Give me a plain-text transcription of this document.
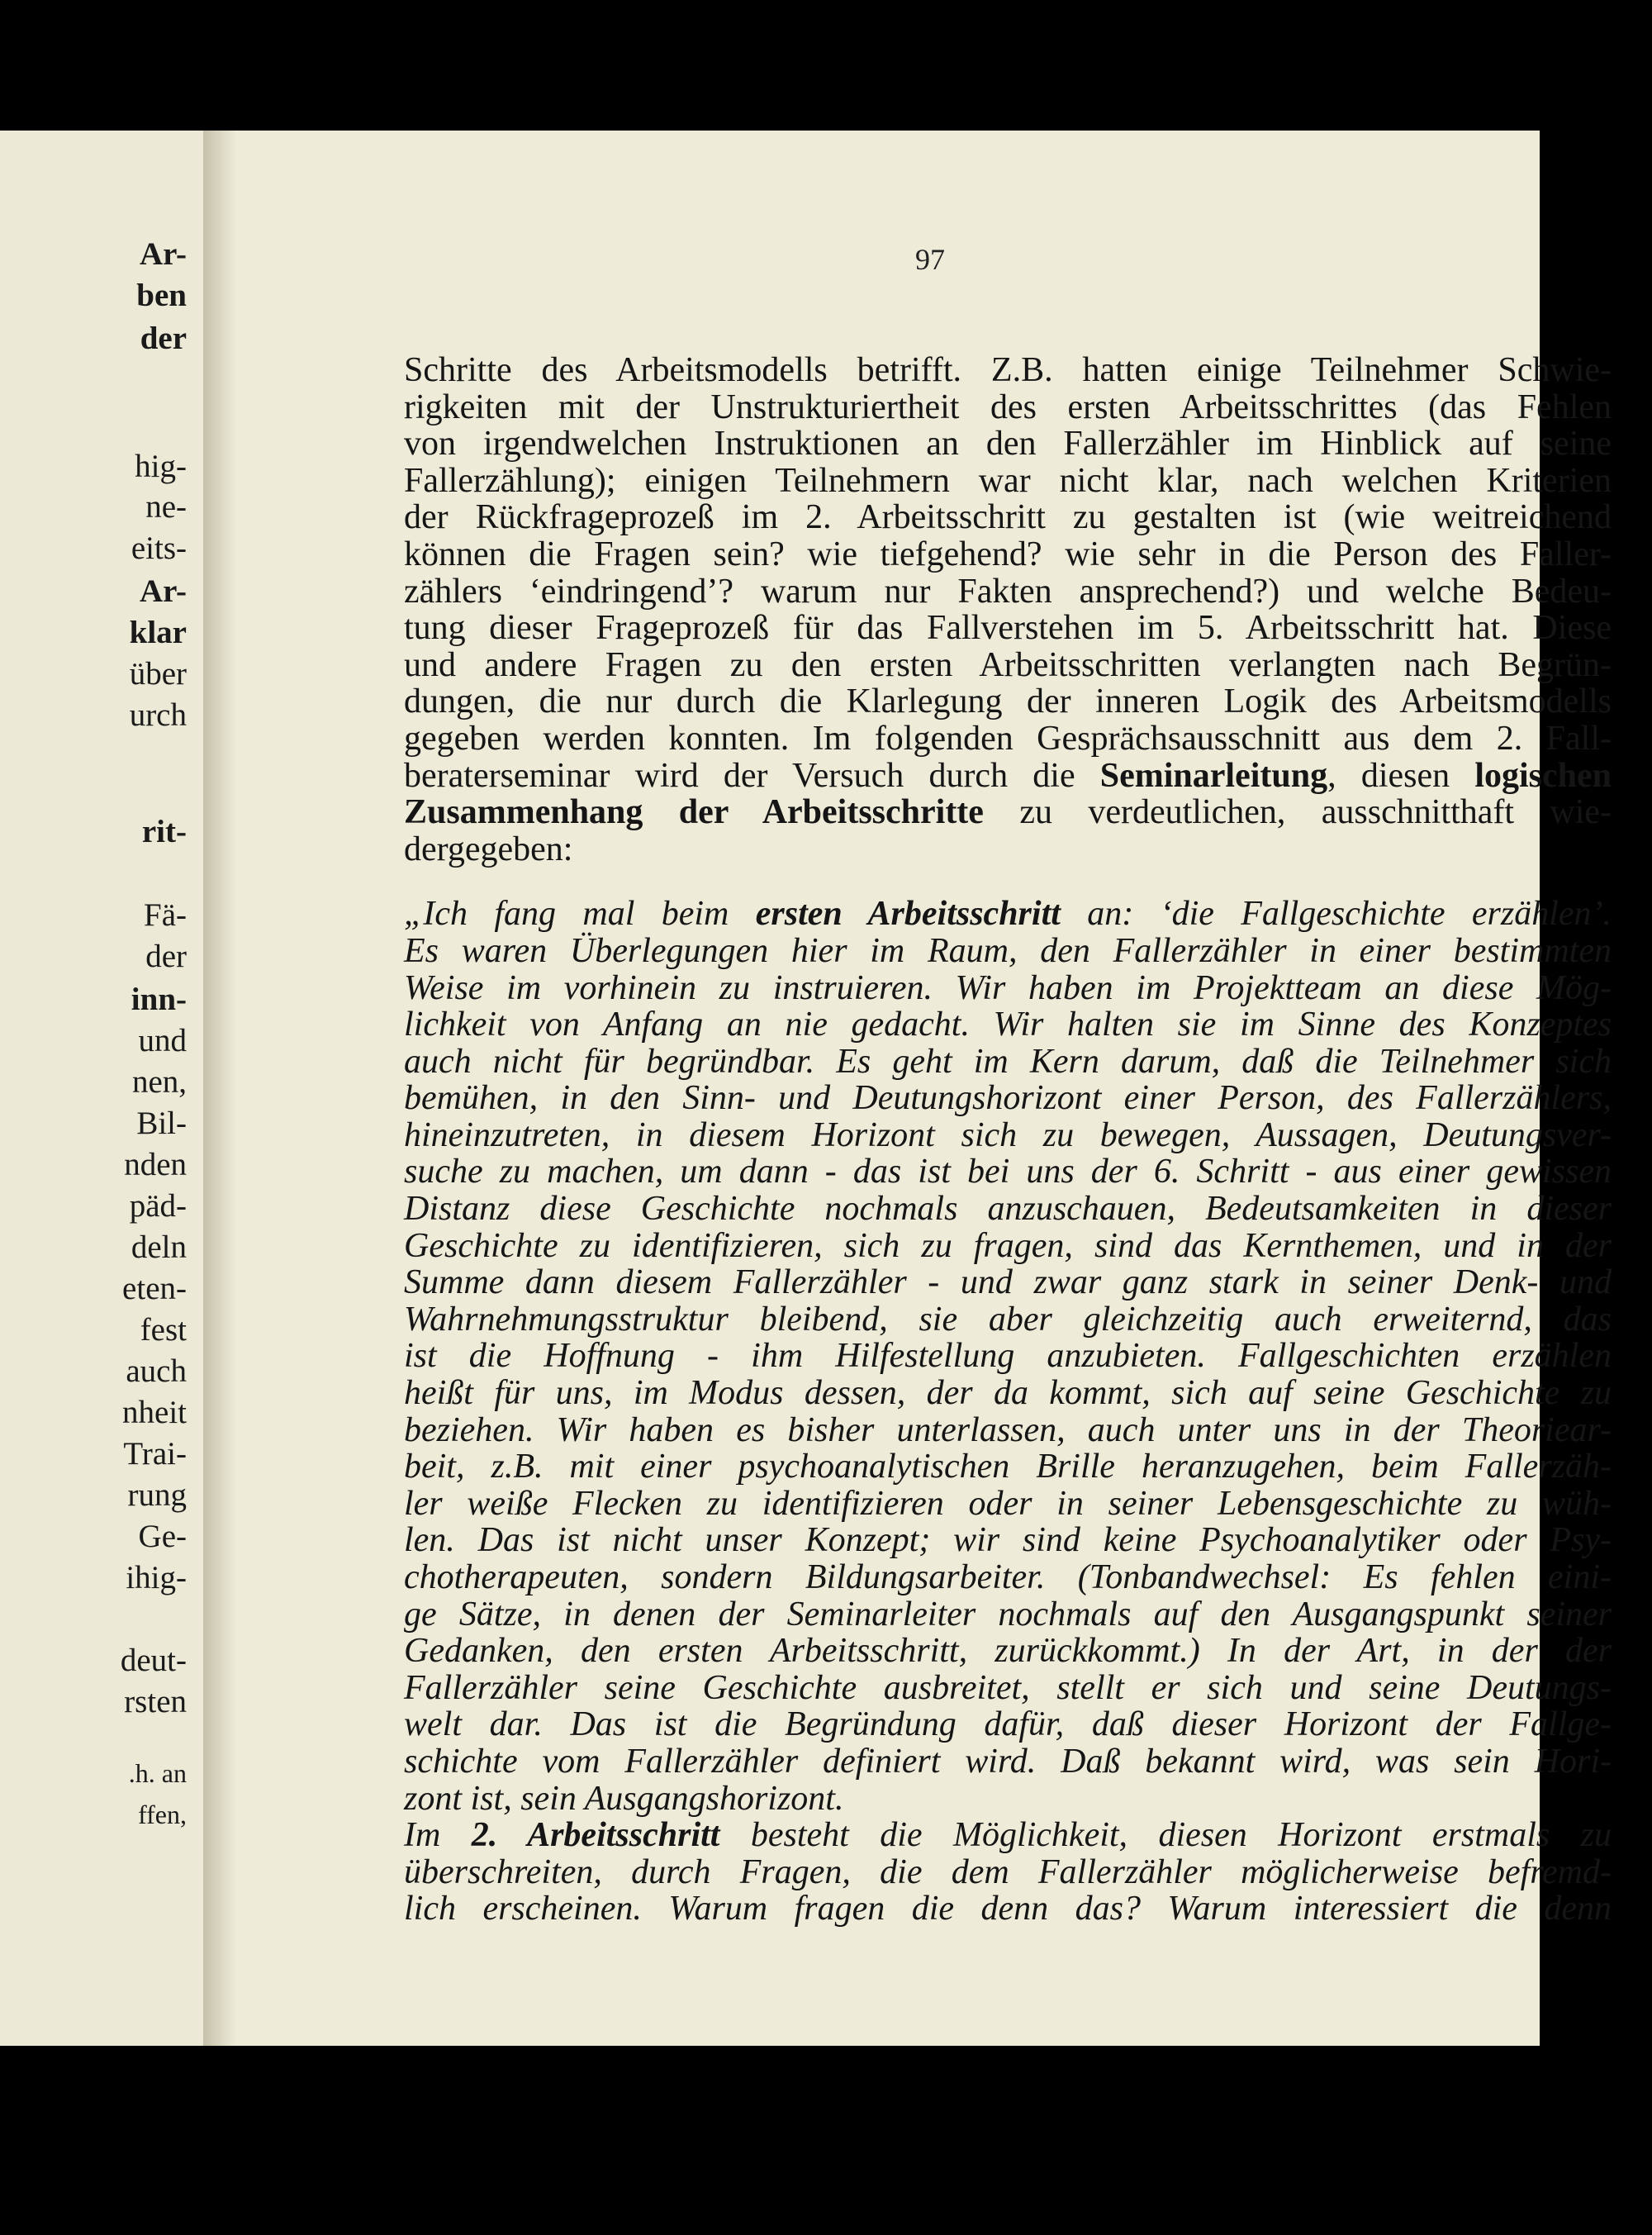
Ar-
ben
der
hig-
ne-
eits-
Ar-
klar
über
urch
rit-
Fä-
der
inn-
und
nen,
Bil-
nden
päd-
deln
eten-
fest
auch
nheit
Trai-
rung
Ge-
ihig-
deut-
rsten
.h. an
ffen,
97
Schritte des Arbeitsmodells betrifft. Z.B. hatten einige Teilnehmer Schwie-
rigkeiten mit der Unstrukturiertheit des ersten Arbeitsschrittes (das Fehlen
von irgendwelchen Instruktionen an den Fallerzähler im Hinblick auf seine
Fallerzählung); einigen Teilnehmern war nicht klar, nach welchen Kriterien
der Rückfrageprozeß im 2. Arbeitsschritt zu gestalten ist (wie weitreichend
können die Fragen sein? wie tiefgehend? wie sehr in die Person des Faller-
zählers ‘eindringend’? warum nur Fakten ansprechend?) und welche Bedeu-
tung dieser Frageprozeß für das Fallverstehen im 5. Arbeitsschritt hat. Diese
und andere Fragen zu den ersten Arbeitsschritten verlangten nach Begrün-
dungen, die nur durch die Klarlegung der inneren Logik des Arbeitsmodells
gegeben werden konnten. Im folgenden Gesprächsausschnitt aus dem 2. Fall-
beraterseminar wird der Versuch durch die Seminarleitung, diesen logischen
Zusammenhang der Arbeitsschritte zu verdeutlichen, ausschnitthaft wie-
dergegeben:
„Ich fang mal beim ersten Arbeitsschritt an: ‘die Fallgeschichte erzählen’.
Es waren Überlegungen hier im Raum, den Fallerzähler in einer bestimmten
Weise im vorhinein zu instruieren. Wir haben im Projektteam an diese Mög-
lichkeit von Anfang an nie gedacht. Wir halten sie im Sinne des Konzeptes
auch nicht für begründbar. Es geht im Kern darum, daß die Teilnehmer sich
bemühen, in den Sinn- und Deutungshorizont einer Person, des Fallerzählers,
hineinzutreten, in diesem Horizont sich zu bewegen, Aussagen, Deutungsver-
suche zu machen, um dann - das ist bei uns der 6. Schritt - aus einer gewissen
Distanz diese Geschichte nochmals anzuschauen, Bedeutsamkeiten in dieser
Geschichte zu identifizieren, sich zu fragen, sind das Kernthemen, und in der
Summe dann diesem Fallerzähler - und zwar ganz stark in seiner Denk- und
Wahrnehmungsstruktur bleibend, sie aber gleichzeitig auch erweiternd, das
ist die Hoffnung - ihm Hilfestellung anzubieten. Fallgeschichten erzählen
heißt für uns, im Modus dessen, der da kommt, sich auf seine Geschichte zu
beziehen. Wir haben es bisher unterlassen, auch unter uns in der Theoriear-
beit, z.B. mit einer psychoanalytischen Brille heranzugehen, beim Fallerzäh-
ler weiße Flecken zu identifizieren oder in seiner Lebensgeschichte zu wüh-
len. Das ist nicht unser Konzept; wir sind keine Psychoanalytiker oder Psy-
chotherapeuten, sondern Bildungsarbeiter. (Tonbandwechsel: Es fehlen eini-
ge Sätze, in denen der Seminarleiter nochmals auf den Ausgangspunkt seiner
Gedanken, den ersten Arbeitsschritt, zurückkommt.) In der Art, in der der
Fallerzähler seine Geschichte ausbreitet, stellt er sich und seine Deutungs-
welt dar. Das ist die Begründung dafür, daß dieser Horizont der Fallge-
schichte vom Fallerzähler definiert wird. Daß bekannt wird, was sein Hori-
zont ist, sein Ausgangshorizont.
Im 2. Arbeitsschritt besteht die Möglichkeit, diesen Horizont erstmals zu
überschreiten, durch Fragen, die dem Fallerzähler möglicherweise befremd-
lich erscheinen. Warum fragen die denn das? Warum interessiert die denn
